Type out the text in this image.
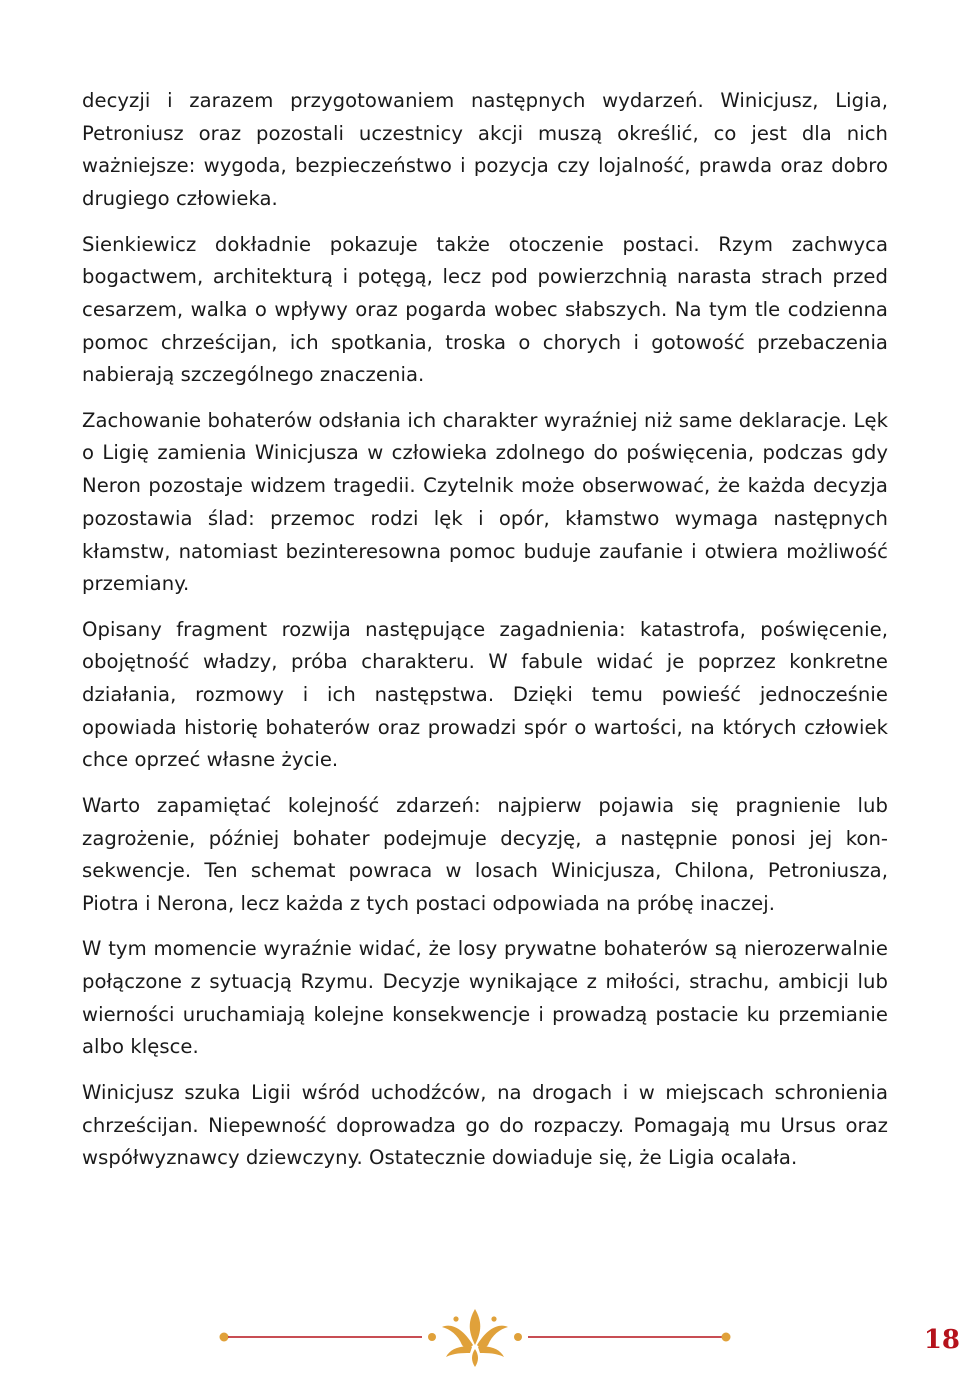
decyzji i zarazem przygotowaniem następnych wydarzeń. Winicjusz, Ligia, Petroniusz oraz pozostali uczestnicy akcji muszą określić, co jest dla nich ważniejsze: wygoda, bezpieczeństwo i pozycja czy lojalność, prawda oraz dobro drugiego człowieka.

Sienkiewicz dokładnie pokazuje także otoczenie postaci. Rzym zachwyca bogactwem, architekturą i potęgą, lecz pod powierzchnią narasta strach przed cesarzem, walka o wpływy oraz pogarda wobec słabszych. Na tym tle codzienna pomoc chrześcijan, ich spotkania, troska o chorych i gotowość przebaczenia nabierają szczególnego znaczenia.

Zachowanie bohaterów odsłania ich charakter wyraźniej niż same deklaracje. Lęk o Ligię zamienia Winicjusza w człowieka zdolnego do poświęcenia, podczas gdy Neron pozostaje widzem tragedii. Czytelnik może obserwować, że każda decyzja pozostawia ślad: przemoc rodzi lęk i opór, kłamstwo wymaga następnych kłamstw, natomiast bezinteresowna pomoc buduje zaufanie i otwiera możliwość przemiany.

Opisany fragment rozwija następujące zagadnienia: katastrofa, poświęcenie, obojętność władzy, próba charakteru. W fabule widać je poprzez konkretne działania, rozmowy i ich następstwa. Dzięki temu powieść jednocześnie opowiada historię bohaterów oraz prowadzi spór o wartości, na których człowiek chce oprzeć własne życie.

Warto zapamiętać kolejność zdarzeń: najpierw pojawia się pragnienie lub zagrożenie, później bohater podejmuje decyzję, a następnie ponosi jej konsekwencje. Ten schemat powraca w losach Winicjusza, Chilona, Petroniusza, Piotra i Nerona, lecz każda z tych postaci odpowiada na próbę inaczej.

W tym momencie wyraźnie widać, że losy prywatne bohaterów są nierozerwalnie połączone z sytuacją Rzymu. Decyzje wynikające z miłości, strachu, ambicji lub wierności uruchamiają kolejne konsekwencje i prowadzą postacie ku przemianie albo klęsce.

Winicjusz szuka Ligii wśród uchodźców, na drogach i w miejscach schronienia chrześcijan. Niepewność doprowadza go do rozpaczy. Pomagają mu Ursus oraz współwyznawcy dziewczyny. Ostatecznie dowiaduje się, że Ligia ocalała.

18
